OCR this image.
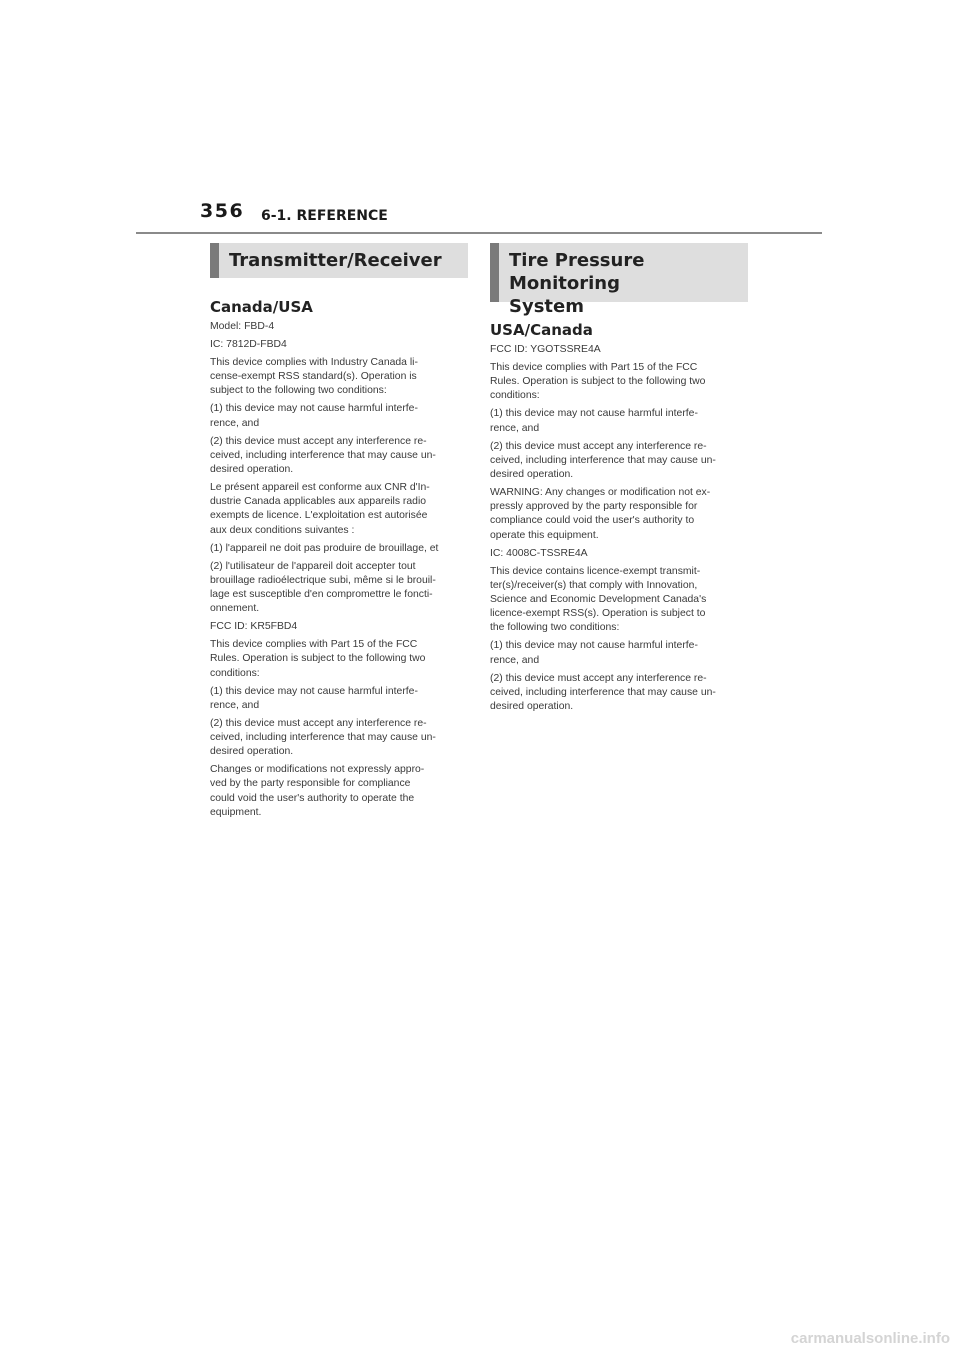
356 6-1. REFERENCE
Transmitter/Receiver
Canada/USA

Model: FBD-4

IC: 7812D-FBD4

This device complies with Industry Canada li-
cense-exempt RSS standard(s). Operation is
subject to the following two conditions:

(1) this device may not cause harmful interfe-
rence, and

(2) this device must accept any interference re-
ceived, including interference that may cause un-
desired operation.

Le présent appareil est conforme aux CNR d'In-
dustrie Canada applicables aux appareils radio
exempts de licence. L'exploitation est autorisée
aux deux conditions suivantes :

(1) l'appareil ne doit pas produire de brouillage, et

(2) l'utilisateur de l'appareil doit accepter tout
brouillage radioélectrique subi, même si le brouil-
lage est susceptible d'en compromettre le foncti-
onnement.

FCC ID: KR5FBD4

This device complies with Part 15 of the FCC
Rules. Operation is subject to the following two
conditions:

(1) this device may not cause harmful interfe-
rence, and

(2) this device must accept any interference re-
ceived, including interference that may cause un-
desired operation.

Changes or modifications not expressly appro-
ved by the party responsible for compliance
could void the user's authority to operate the
equipment.

Tire Pressure Monitoring
System
USA/Canada

FCC ID: YGOTSSRE4A

This device complies with Part 15 of the FCC
Rules. Operation is subject to the following two
conditions:

(1) this device may not cause harmful interfe-
rence, and

(2) this device must accept any interference re-
ceived, including interference that may cause un-
desired operation.

WARNING: Any changes or modification not ex-
pressly approved by the party responsible for
compliance could void the user's authority to
operate this equipment.

IC: 4008C-TSSRE4A

This device contains licence-exempt transmit-
ter(s)/receiver(s) that comply with Innovation,
Science and Economic Development Canada's
licence-exempt RSS(s). Operation is subject to
the following two conditions:

(1) this device may not cause harmful interfe-
rence, and

(2) this device must accept any interference re-
ceived, including interference that may cause un-
desired operation.

carmanualsonline.info
